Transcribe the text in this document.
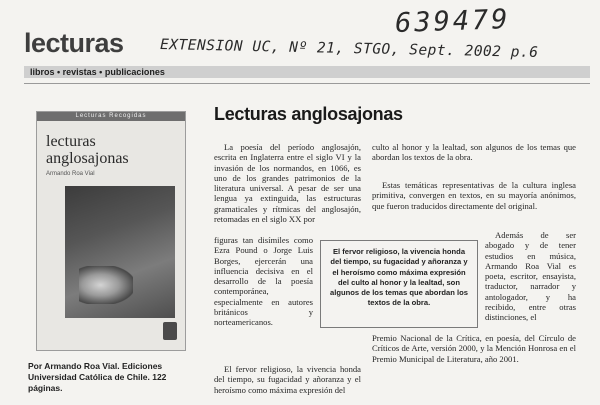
639479
EXTENSION UC, Nº 21, STGO, Sept. 2002 p.6
lecturas
libros • revistas • publicaciones
Lecturas Recogidas
lecturas anglosajonas
Armando Roa Vial
Por Armando Roa Vial. Ediciones Universidad Católica de Chile. 122 páginas.
Lecturas anglosajonas

La poesía del período anglosajón, escrita en Inglaterra entre el siglo VI y la invasión de los normandos, en 1066, es uno de los grandes patrimonios de la literatura universal. A pesar de ser una lengua ya extinguida, las estructuras gramaticales y rítmicas del anglosajón, retomadas en el siglo XX por

figuras tan disímiles como Ezra Pound o Jorge Luis Borges, ejercerán una influencia decisiva en el desarrollo de la poesía contemporánea, especialmente en autores británicos y norteamericanos.

El fervor religioso, la vivencia honda del tiempo, su fugacidad y añoranza y el heroísmo como máxima expresión del

culto al honor y la lealtad, son algunos de los temas que abordan los textos de la obra.

Estas temáticas representativas de la cultura inglesa primitiva, convergen en textos, en su mayoría anónimos, que fueron traducidos directamente del original.

Además de ser abogado y de tener estudios en música, Armando Roa Vial es poeta, escritor, ensayista, traductor, narrador y antologador, y ha recibido, entre otras distinciones, el

Premio Nacional de la Crítica, en poesía, del Círculo de Críticos de Arte, versión 2000, y la Mención Honrosa en el Premio Municipal de Literatura, año 2001.

El fervor religioso, la vivencia honda del tiempo, su fugacidad y añoranza y el heroísmo como máxima expresión del culto al honor y la lealtad, son algunos de los temas que abordan los textos de la obra.
